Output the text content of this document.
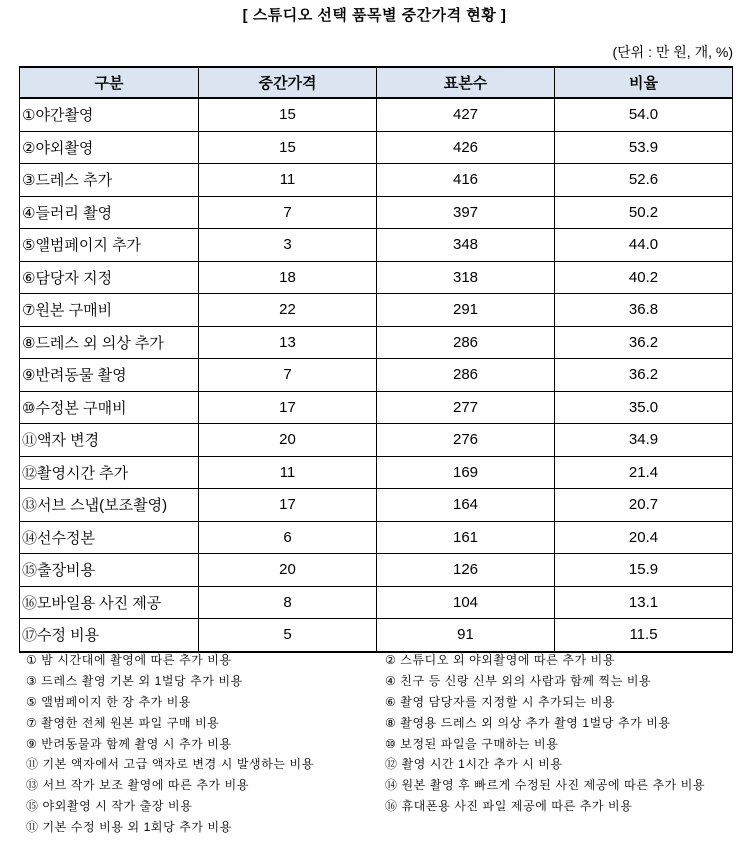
[ 스튜디오 선택 품목별 중간가격 현황 ]
(단위 : 만 원, 개, %)
구분	중간가격	표본수	비율
①야간촬영	15	427	54.0
②야외촬영	15	426	53.9
③드레스 추가	11	416	52.6
④들러리 촬영	7	397	50.2
⑤앨범페이지 추가	3	348	44.0
⑥담당자 지정	18	318	40.2
⑦원본 구매비	22	291	36.8
⑧드레스 외 의상 추가	13	286	36.2
⑨반려동물 촬영	7	286	36.2
⑩수정본 구매비	17	277	35.0
⑪액자 변경	20	276	34.9
⑫촬영시간 추가	11	169	21.4
⑬서브 스냅(보조촬영)	17	164	20.7
⑭선수정본	6	161	20.4
⑮출장비용	20	126	15.9
⑯모바일용 사진 제공	8	104	13.1
⑰수정 비용	5	91	11.5
① 밤 시간대에 촬영에 따른 추가 비용	② 스튜디오 외 야외촬영에 따른 추가 비용
③ 드레스 촬영 기본 외 1벌당 추가 비용	④ 친구 등 신랑 신부 외의 사람과 함께 찍는 비용
⑤ 앨범페이지 한 장 추가 비용	⑥ 촬영 담당자를 지정할 시 추가되는 비용
⑦ 촬영한 전체 원본 파일 구매 비용	⑧ 촬영용 드레스 외 의상 추가 촬영 1벌당 추가 비용
⑨ 반려동물과 함께 촬영 시 추가 비용	⑩ 보정된 파일을 구매하는 비용
⑪ 기본 액자에서 고급 액자로 변경 시 발생하는 비용	⑫ 촬영 시간 1시간 추가 시 비용
⑬ 서브 작가 보조 촬영에 따른 추가 비용	⑭ 원본 촬영 후 빠르게 수정된 사진 제공에 따른 추가 비용
⑮ 야외촬영 시 작가 출장 비용	⑯ 휴대폰용 사진 파일 제공에 따른 추가 비용
⑪ 기본 수정 비용 외 1회당 추가 비용
